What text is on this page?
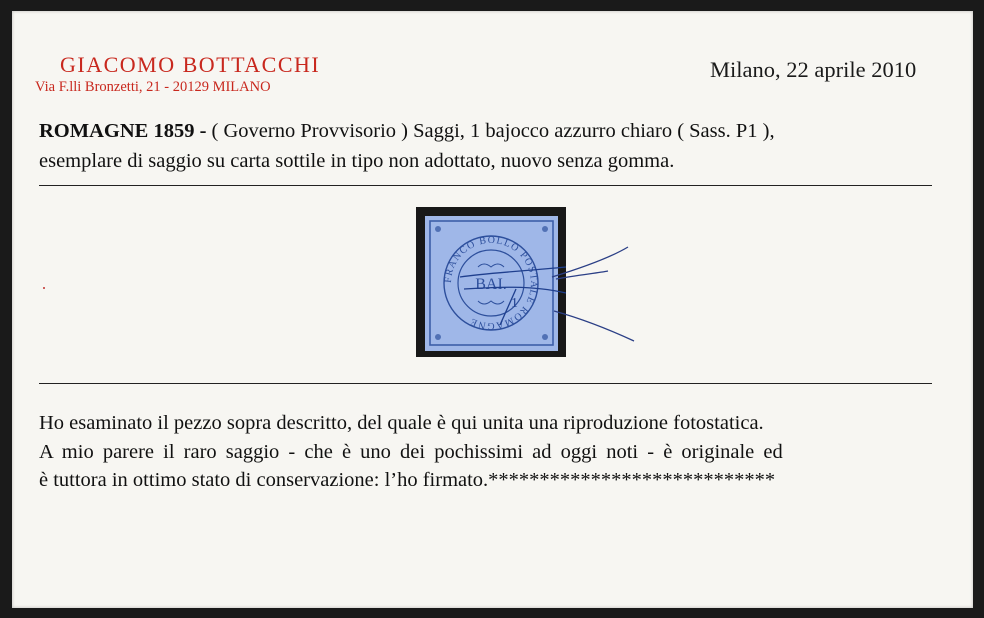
GIACOMO BOTTACCHI
Via F.lli Bronzetti, 21 - 20129 MILANO
Milano, 22 aprile 2010
ROMAGNE 1859 - ( Governo Provvisorio ) Saggi, 1 bajocco azzurro chiaro ( Sass. P1 ),
esemplare di saggio su carta sottile in tipo non adottato, nuovo senza gomma.
FRANCO BOLLO POSTALE ROMAGNE
BAI.
1
Ho esaminato il pezzo sopra descritto, del quale è qui unita una riproduzione fotostatica.
A mio parere il raro saggio - che è uno dei pochissimi ad oggi noti - è originale ed
è tuttora in ottimo stato di conservazione: l’ho firmato.****************************
